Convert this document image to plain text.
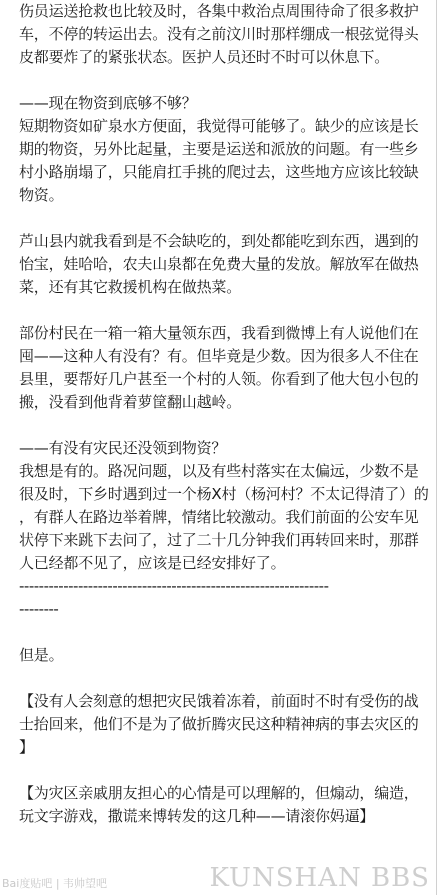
伤员运送抢救也比较及时，各集中救治点周围待命了很多救护
车，不停的转运出去。没有之前汶川时那样绷成一根弦觉得头
皮都要炸了的紧张状态。医护人员还时不时可以休息下。
——现在物资到底够不够？
短期物资如矿泉水方便面，我觉得可能够了。缺少的应该是长
期的物资，另外比起量，主要是运送和派放的问题。有一些乡
村小路崩塌了，只能肩扛手挑的爬过去，这些地方应该比较缺
物资。
芦山县内就我看到是不会缺吃的，到处都能吃到东西，遇到的
怡宝，娃哈哈，农夫山泉都在免费大量的发放。解放军在做热
菜，还有其它救援机构在做热菜。
部份村民在一箱一箱大量领东西，我看到微博上有人说他们在
囤——这种人有没有？有。但毕竟是少数。因为很多人不住在
县里，要帮好几户甚至一个村的人领。你看到了他大包小包的
搬，没看到他背着萝筐翻山越岭。
——有没有灾民还没领到物资？
我想是有的。路况问题，以及有些村落实在太偏远，少数不是
很及时，下乡时遇到过一个杨X村（杨河村？不太记得清了）的
，有群人在路边举着牌，情绪比较激动。我们前面的公安车见
状停下来跳下去问了，过了二十几分钟我们再转回来时，那群
人已经都不见了，应该是已经安排好了。
---------------------------------------------------------------
--------
但是。
【没有人会刻意的想把灾民饿着冻着，前面时不时有受伤的战
士抬回来，他们不是为了做折腾灾民这种精神病的事去灾区的
】
【为灾区亲戚朋友担心的心情是可以理解的，但煽动，编造，
玩文字游戏，撒谎来博转发的这几种——请滚你妈逼】
Bai度贴吧 | 韦帅望吧	KUNSHAN BBS
